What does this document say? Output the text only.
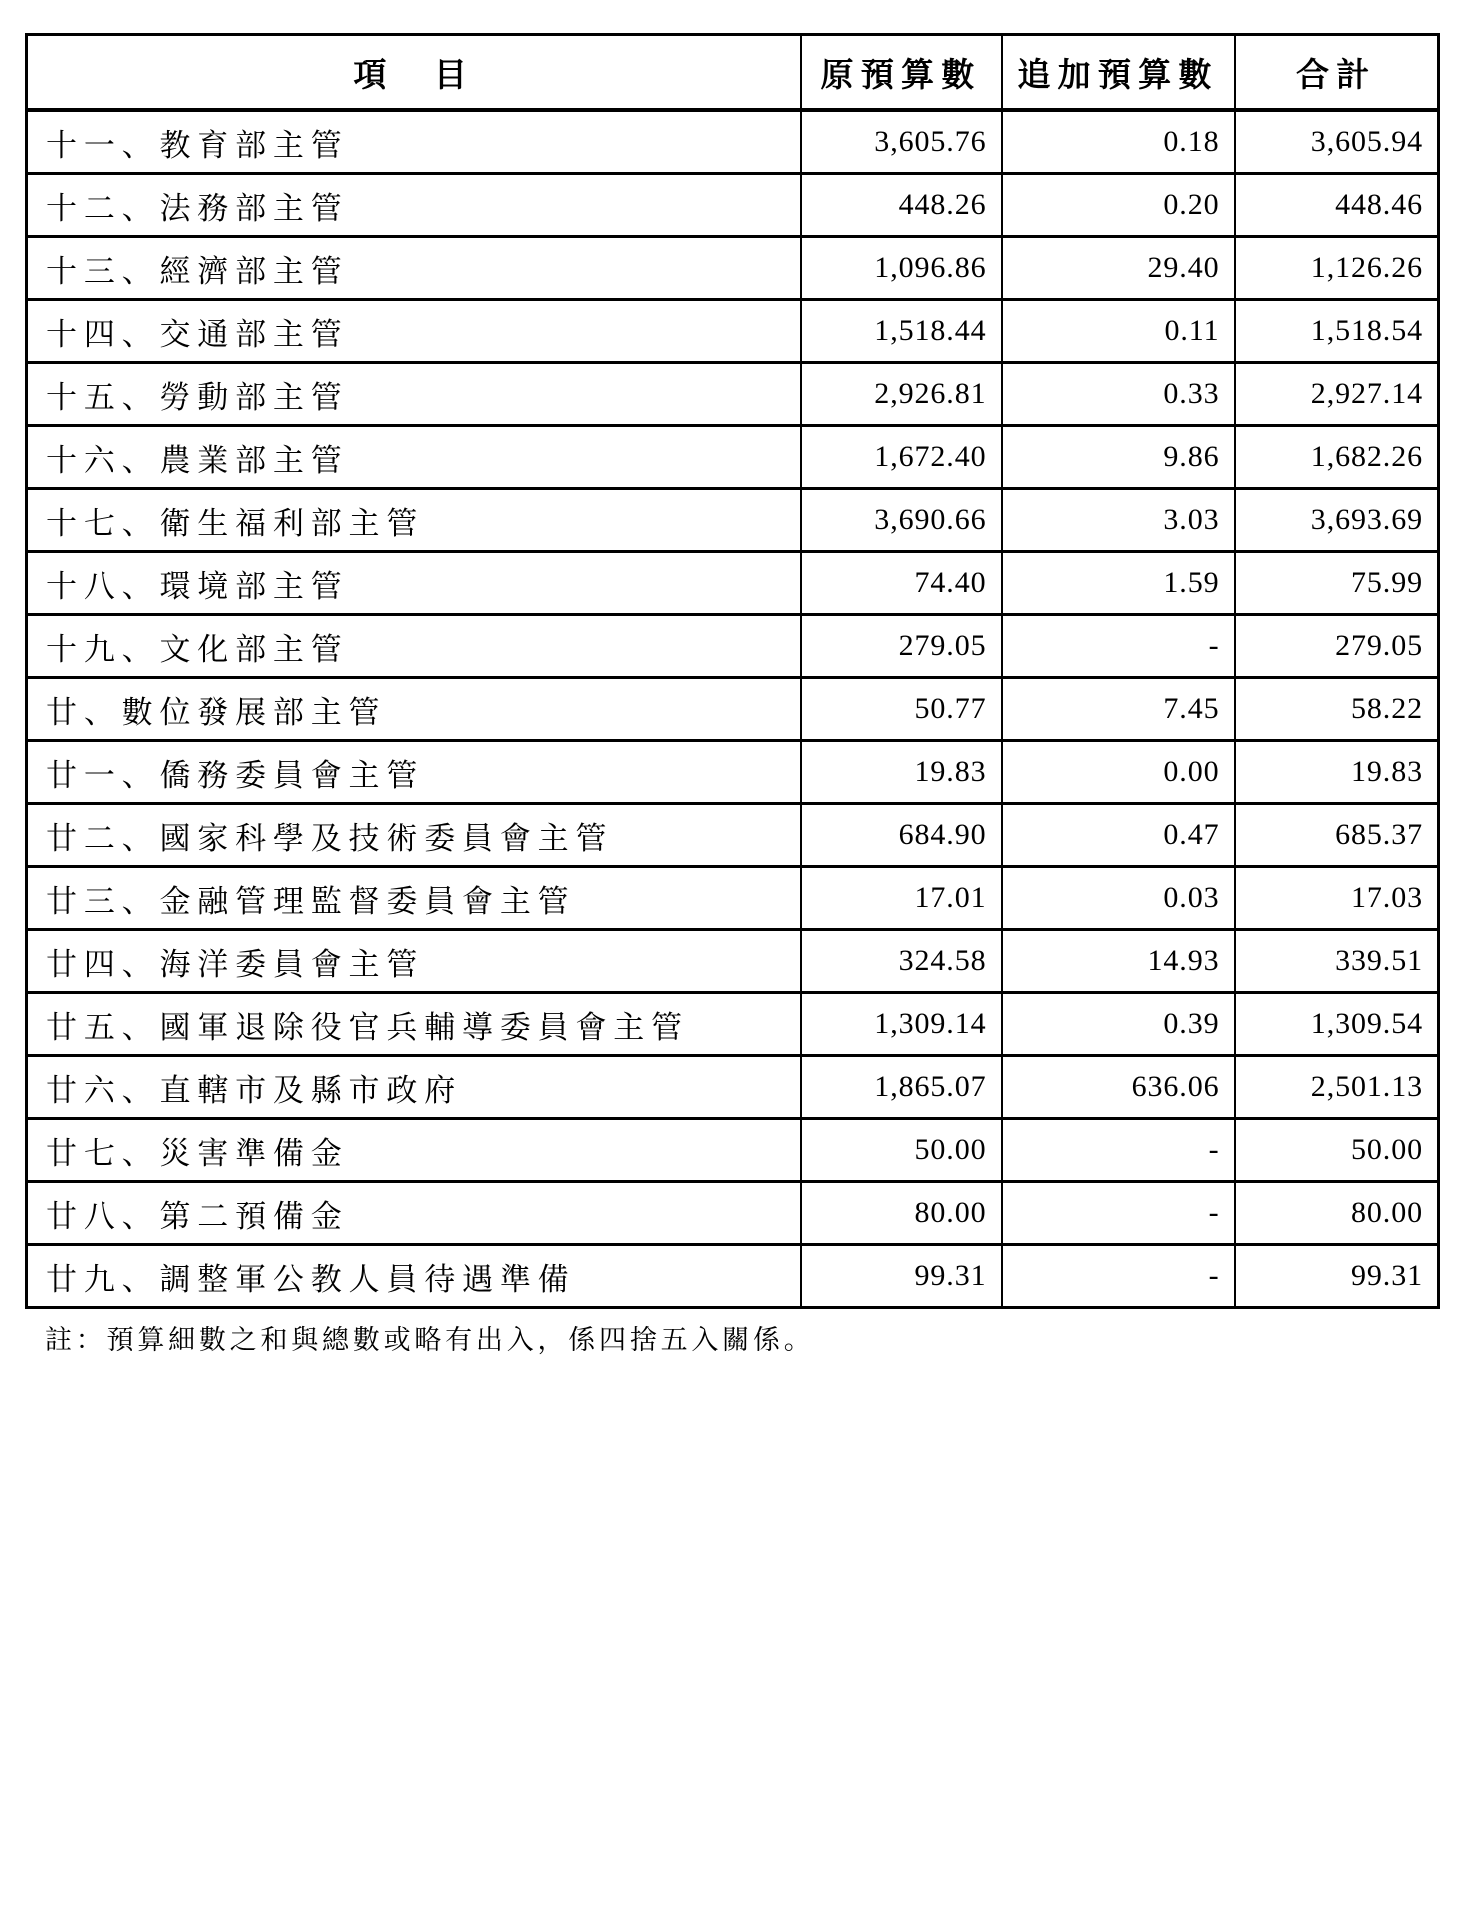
項　目	原預算數	追加預算數	合計
十一、教育部主管	3,605.76	0.18	3,605.94
十二、法務部主管	448.26	0.20	448.46
十三、經濟部主管	1,096.86	29.40	1,126.26
十四、交通部主管	1,518.44	0.11	1,518.54
十五、勞動部主管	2,926.81	0.33	2,927.14
十六、農業部主管	1,672.40	9.86	1,682.26
十七、衛生福利部主管	3,690.66	3.03	3,693.69
十八、環境部主管	74.40	1.59	75.99
十九、文化部主管	279.05	-	279.05
廿、數位發展部主管	50.77	7.45	58.22
廿一、僑務委員會主管	19.83	0.00	19.83
廿二、國家科學及技術委員會主管	684.90	0.47	685.37
廿三、金融管理監督委員會主管	17.01	0.03	17.03
廿四、海洋委員會主管	324.58	14.93	339.51
廿五、國軍退除役官兵輔導委員會主管	1,309.14	0.39	1,309.54
廿六、直轄市及縣市政府	1,865.07	636.06	2,501.13
廿七、災害準備金	50.00	-	50.00
廿八、第二預備金	80.00	-	80.00
廿九、調整軍公教人員待遇準備	99.31	-	99.31
註：預算細數之和與總數或略有出入，係四捨五入關係。
